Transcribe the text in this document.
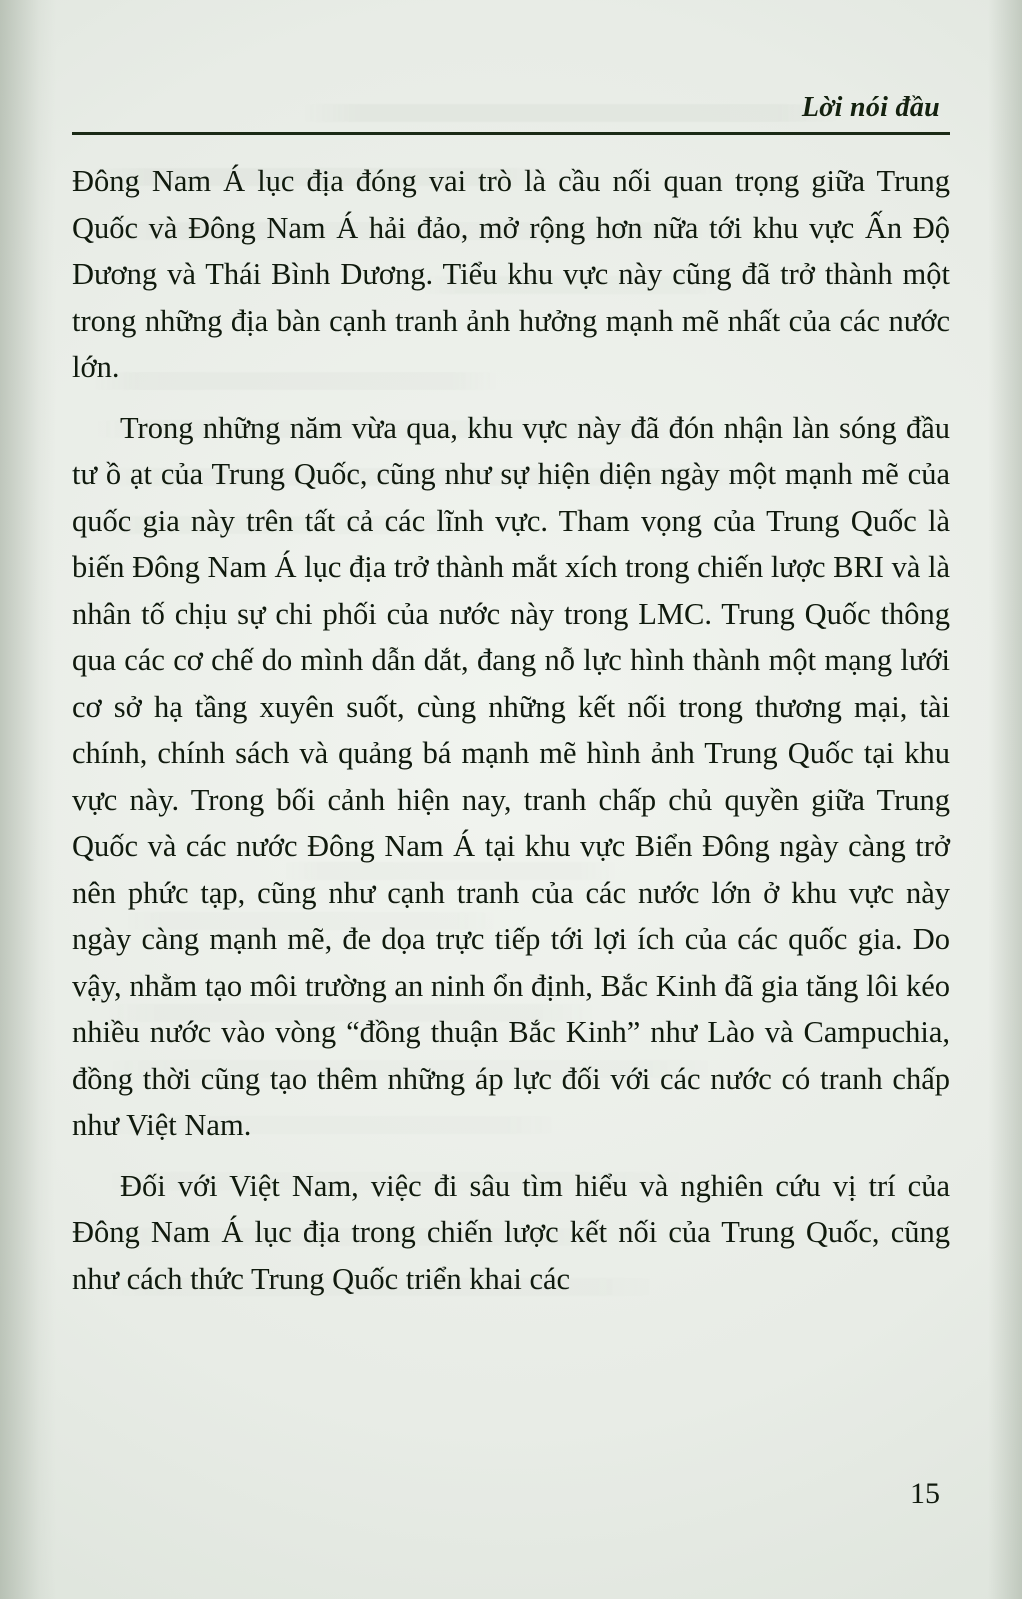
Lời nói đầu

Đông Nam Á lục địa đóng vai trò là cầu nối quan trọng giữa Trung Quốc và Đông Nam Á hải đảo, mở rộng hơn nữa tới khu vực Ấn Độ Dương và Thái Bình Dương. Tiểu khu vực này cũng đã trở thành một trong những địa bàn cạnh tranh ảnh hưởng mạnh mẽ nhất của các nước lớn.

Trong những năm vừa qua, khu vực này đã đón nhận làn sóng đầu tư ồ ạt của Trung Quốc, cũng như sự hiện diện ngày một mạnh mẽ của quốc gia này trên tất cả các lĩnh vực. Tham vọng của Trung Quốc là biến Đông Nam Á lục địa trở thành mắt xích trong chiến lược BRI và là nhân tố chịu sự chi phối của nước này trong LMC. Trung Quốc thông qua các cơ chế do mình dẫn dắt, đang nỗ lực hình thành một mạng lưới cơ sở hạ tầng xuyên suốt, cùng những kết nối trong thương mại, tài chính, chính sách và quảng bá mạnh mẽ hình ảnh Trung Quốc tại khu vực này. Trong bối cảnh hiện nay, tranh chấp chủ quyền giữa Trung Quốc và các nước Đông Nam Á tại khu vực Biển Đông ngày càng trở nên phức tạp, cũng như cạnh tranh của các nước lớn ở khu vực này ngày càng mạnh mẽ, đe dọa trực tiếp tới lợi ích của các quốc gia. Do vậy, nhằm tạo môi trường an ninh ổn định, Bắc Kinh đã gia tăng lôi kéo nhiều nước vào vòng “đồng thuận Bắc Kinh” như Lào và Campuchia, đồng thời cũng tạo thêm những áp lực đối với các nước có tranh chấp như Việt Nam.

Đối với Việt Nam, việc đi sâu tìm hiểu và nghiên cứu vị trí của Đông Nam Á lục địa trong chiến lược kết nối của Trung Quốc, cũng như cách thức Trung Quốc triển khai các

15
